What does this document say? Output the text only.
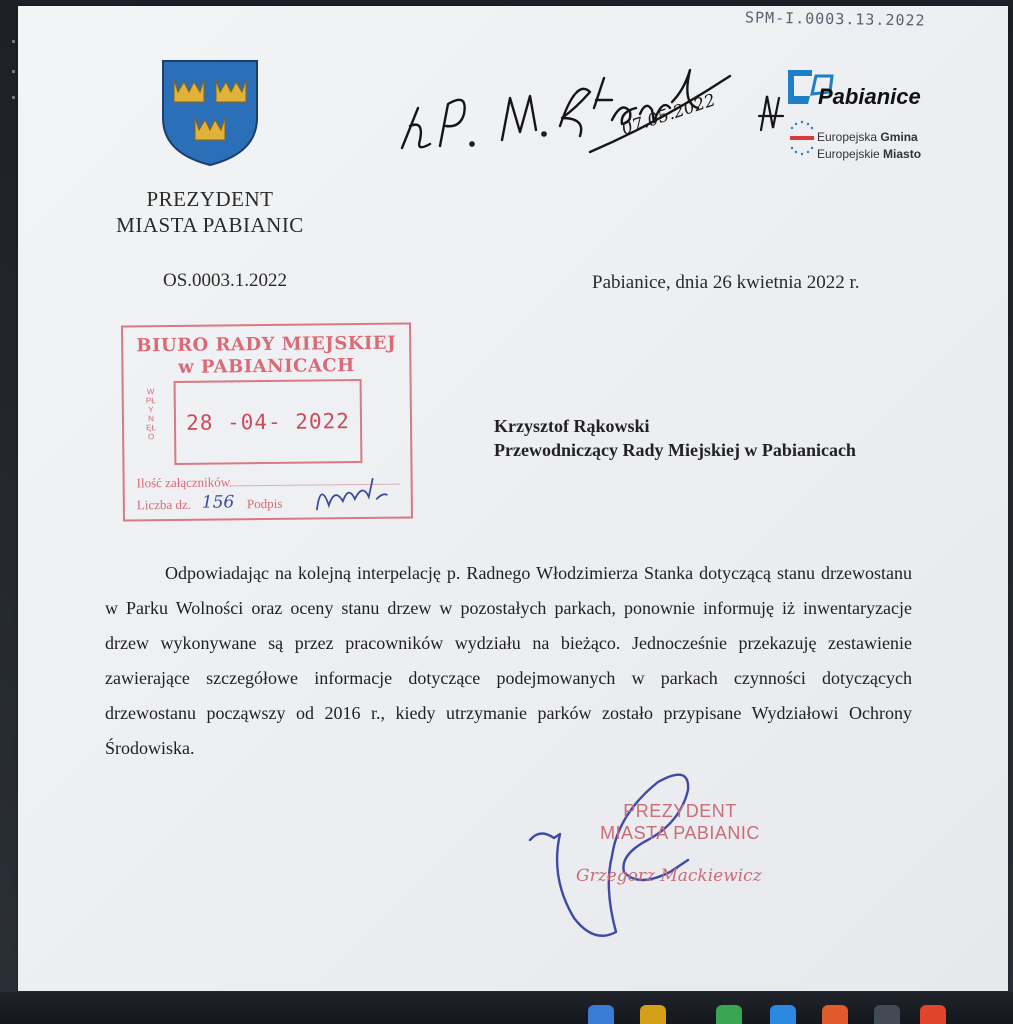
SPM-I.0003.13.2022
PREZYDENT
MIASTA PABIANIC
07.05.2022	Pabianice
Europejska Gmina
Europejskie Miasto
OS.0003.1.2022	Pabianice, dnia 26 kwietnia 2022 r.
BIURO RADY MIEJSKIEJ
w PABIANICACH
WPŁYNĘŁO
28 -04- 2022
Ilość załączników
Liczba dz.	Podpis
156
Krzysztof Rąkowski
Przewodniczący Rady Miejskiej w Pabianicach
Odpowiadając na kolejną interpelację p. Radnego Włodzimierza Stanka dotyczącą stanu drzewostanu w Parku Wolności oraz oceny stanu drzew w pozostałych parkach, ponownie informuję iż inwentaryzacje drzew wykonywane są przez pracowników wydziału na bieżąco. Jednocześnie przekazuję zestawienie zawierające szczegółowe informacje dotyczące podejmowanych w parkach czynności dotyczących drzewostanu począwszy od 2016 r., kiedy utrzymanie parków zostało przypisane Wydziałowi Ochrony Środowiska.
PREZYDENT
MIASTA PABIANIC
Grzegorz Mackiewicz
